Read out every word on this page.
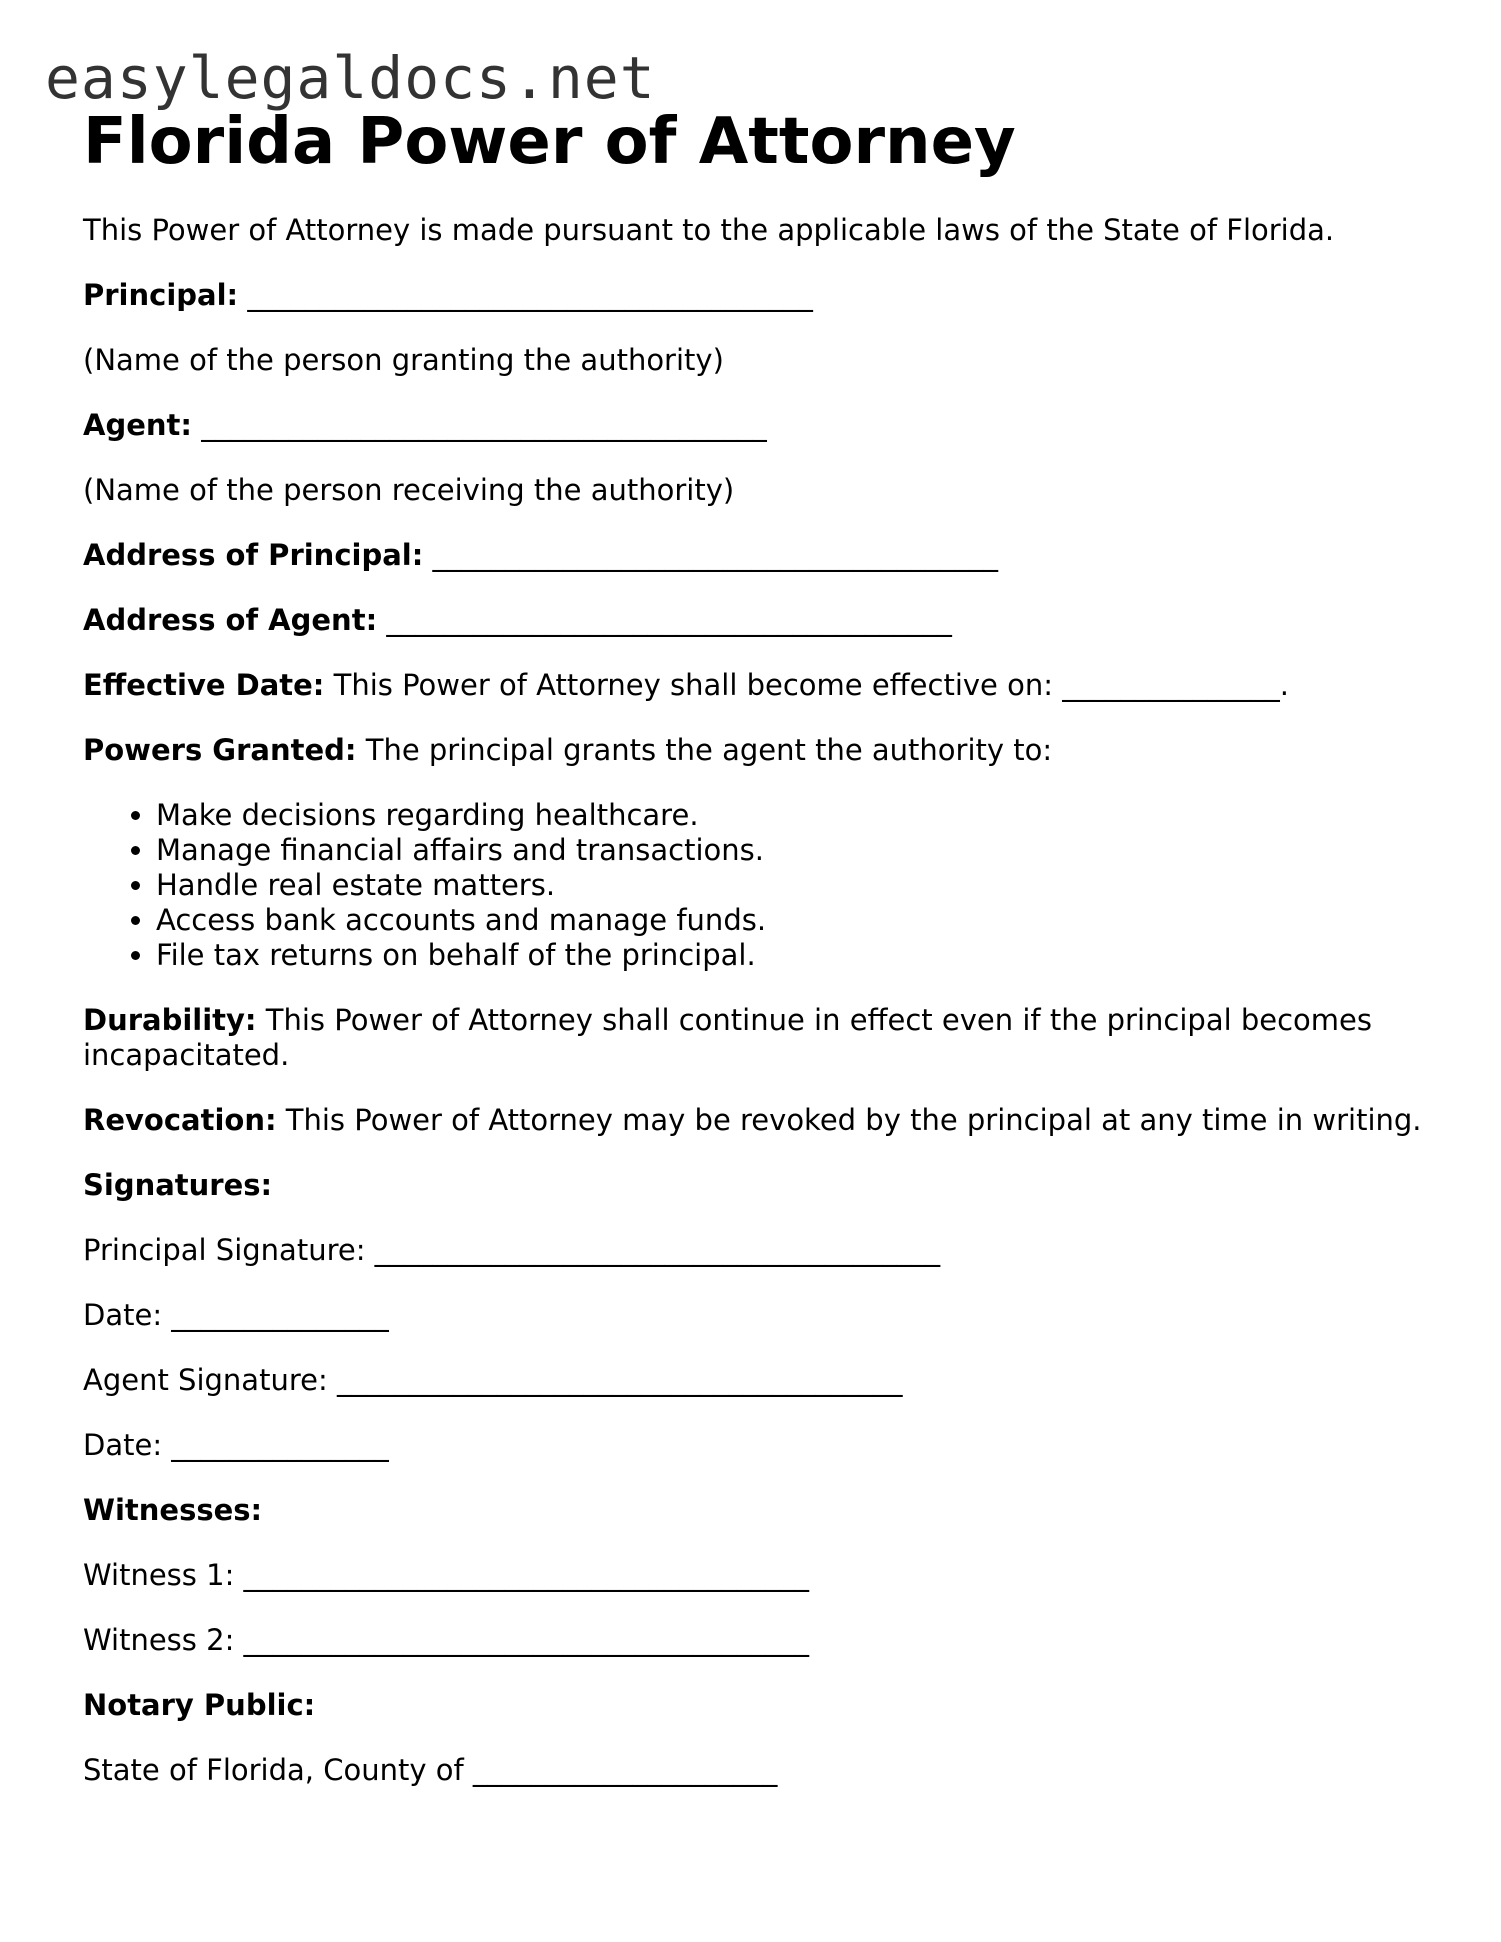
easylegaldocs.net
Florida Power of Attorney

This Power of Attorney is made pursuant to the applicable laws of the State of Florida.

Principal: _______________________________________

(Name of the person granting the authority)

Agent: _______________________________________

(Name of the person receiving the authority)

Address of Principal: _______________________________________

Address of Agent: _______________________________________

Effective Date: This Power of Attorney shall become effective on: _______________.

Powers Granted: The principal grants the agent the authority to:

• Make decisions regarding healthcare.
• Manage financial affairs and transactions.
• Handle real estate matters.
• Access bank accounts and manage funds.
• File tax returns on behalf of the principal.

Durability: This Power of Attorney shall continue in effect even if the principal becomes incapacitated.

Revocation: This Power of Attorney may be revoked by the principal at any time in writing.

Signatures:

Principal Signature: _______________________________________

Date: _______________

Agent Signature: _______________________________________

Date: _______________

Witnesses:

Witness 1: _______________________________________

Witness 2: _______________________________________

Notary Public:

State of Florida, County of _____________________
